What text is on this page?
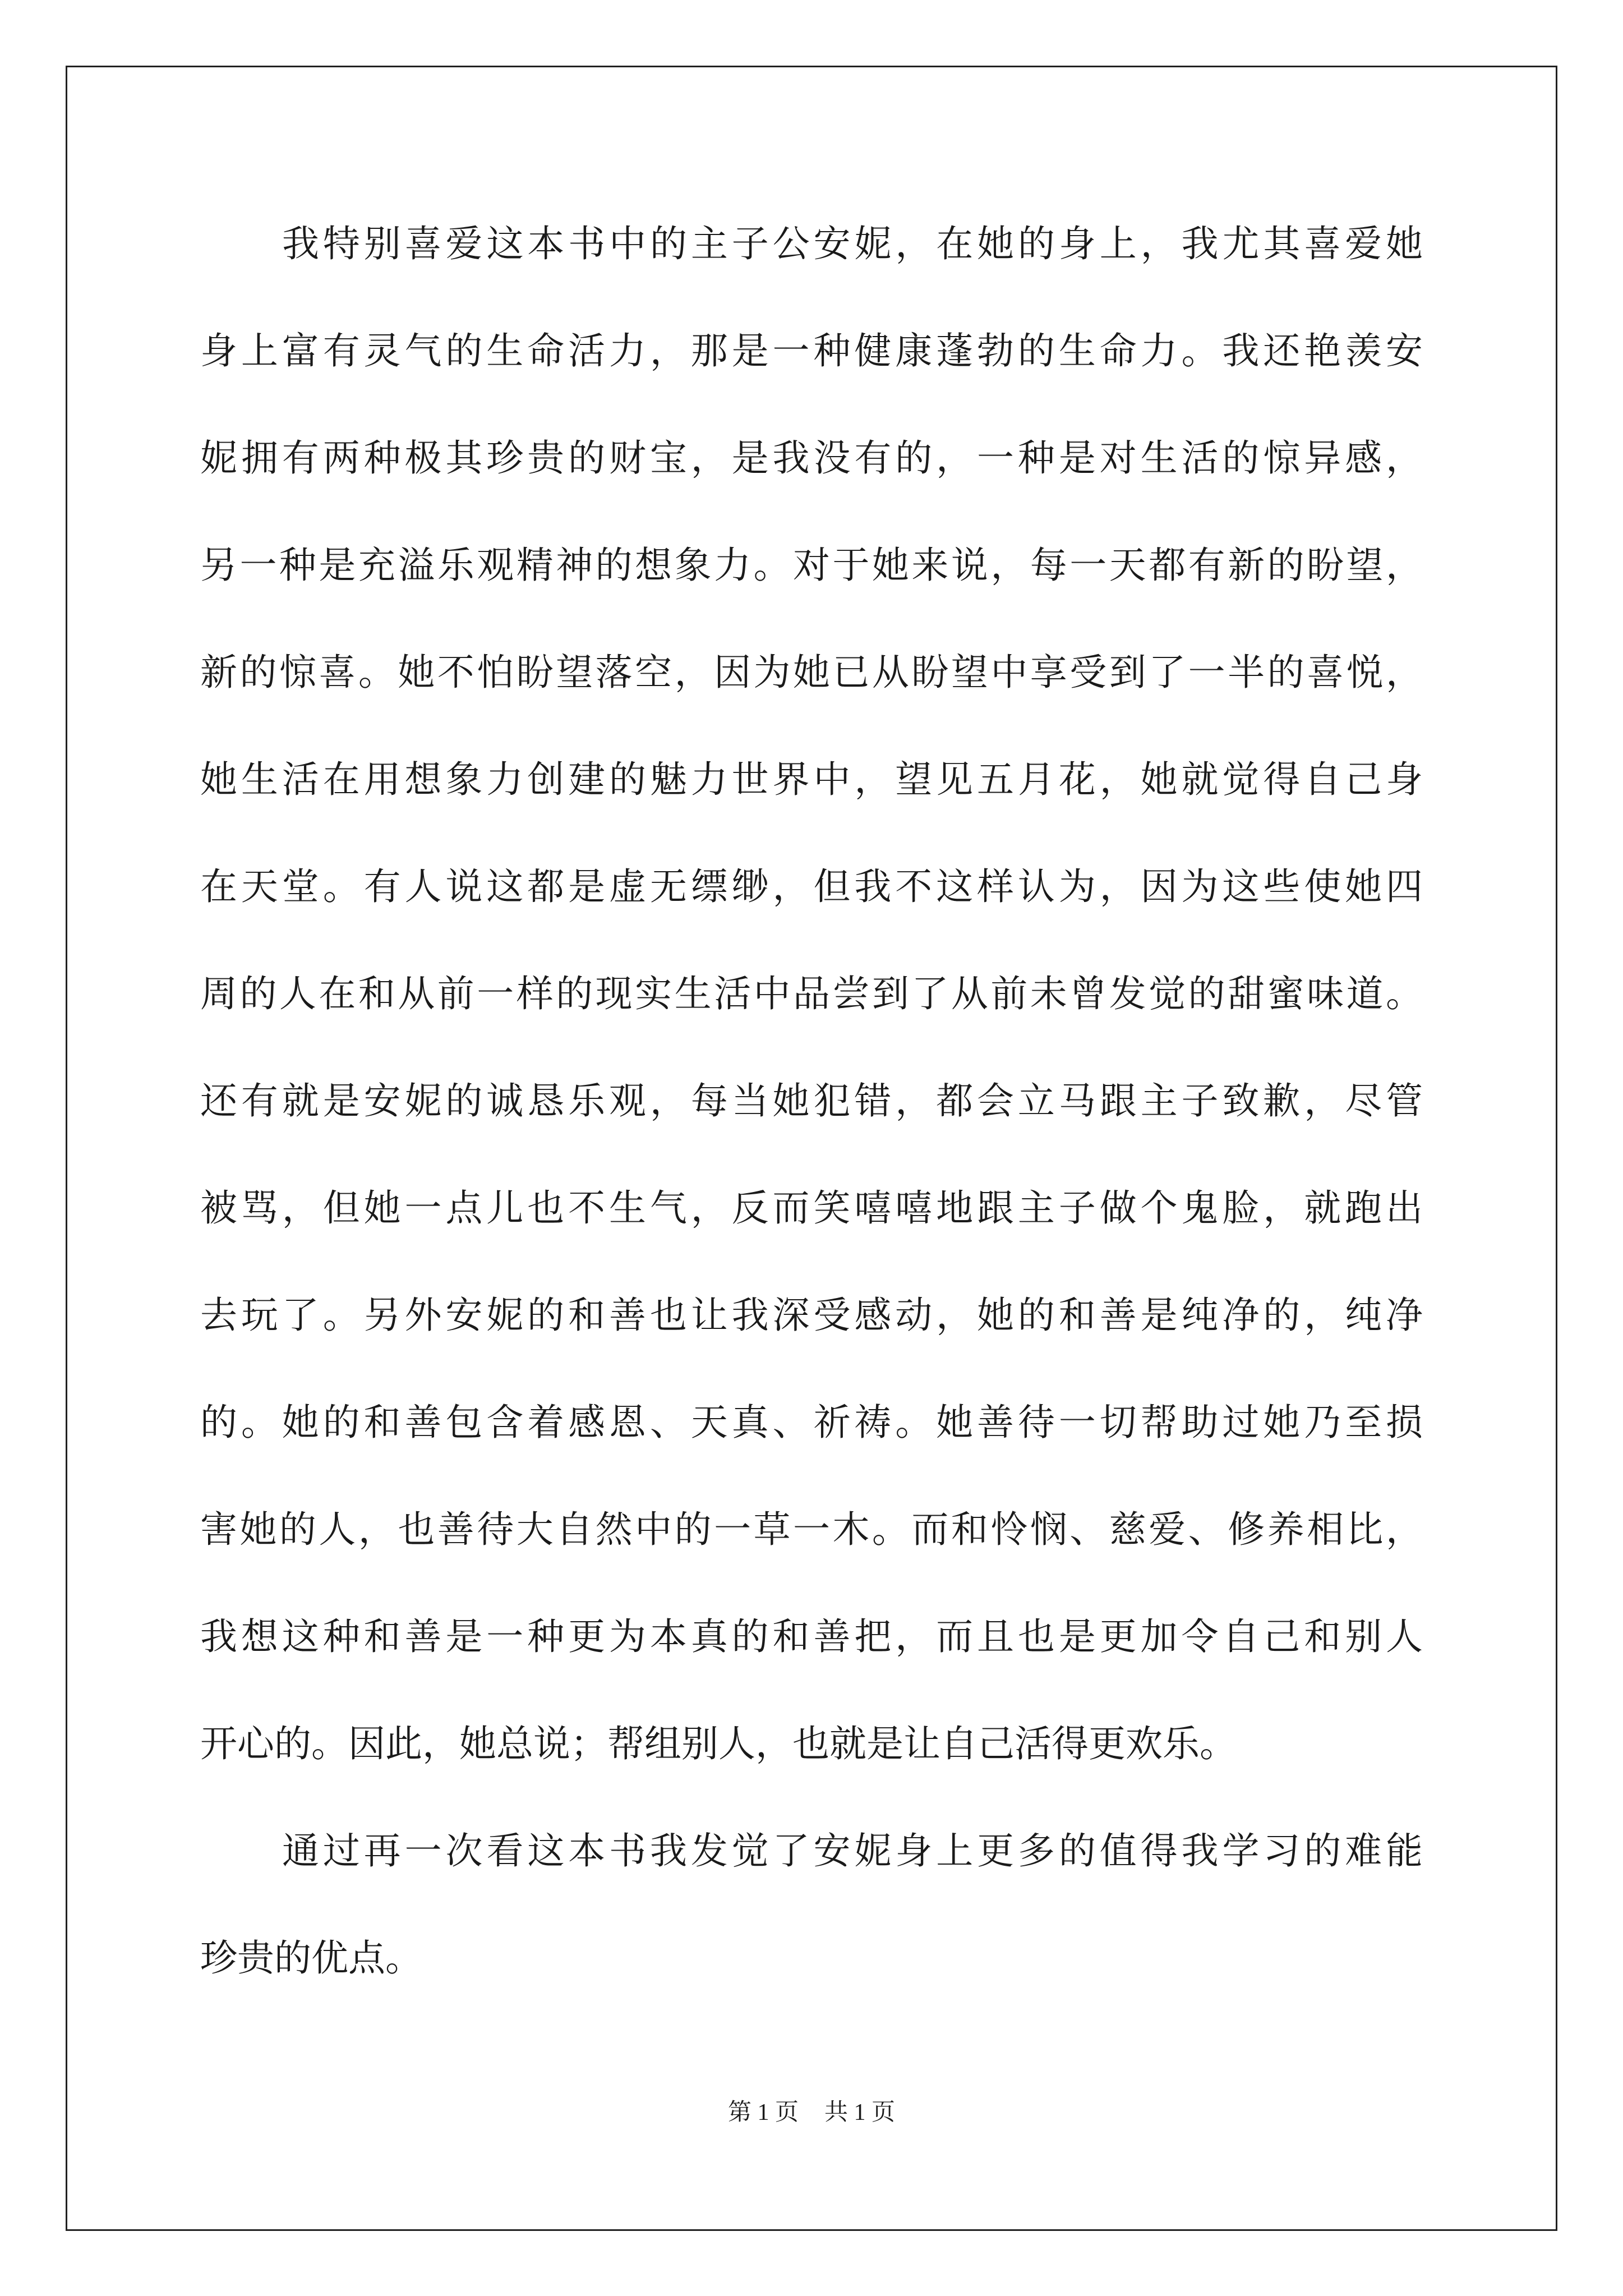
我特别喜爱这本书中的主子公安妮，在她的身上，我尤其喜爱她
身上富有灵气的生命活力，那是一种健康蓬勃的生命力。我还艳羡安
妮拥有两种极其珍贵的财宝，是我没有的，一种是对生活的惊异感，
另一种是充溢乐观精神的想象力。对于她来说，每一天都有新的盼望，
新的惊喜。她不怕盼望落空，因为她已从盼望中享受到了一半的喜悦，
她生活在用想象力创建的魅力世界中，望见五月花，她就觉得自己身
在天堂。有人说这都是虚无缥缈，但我不这样认为，因为这些使她四
周的人在和从前一样的现实生活中品尝到了从前未曾发觉的甜蜜味道。
还有就是安妮的诚恳乐观，每当她犯错，都会立马跟主子致歉，尽管
被骂，但她一点儿也不生气，反而笑嘻嘻地跟主子做个鬼脸，就跑出
去玩了。另外安妮的和善也让我深受感动，她的和善是纯净的，纯净
的。她的和善包含着感恩、天真、祈祷。她善待一切帮助过她乃至损
害她的人，也善待大自然中的一草一木。而和怜悯、慈爱、修养相比，
我想这种和善是一种更为本真的和善把，而且也是更加令自己和别人
开心的。因此，她总说；帮组别人，也就是让自己活得更欢乐。
通过再一次看这本书我发觉了安妮身上更多的值得我学习的难能
珍贵的优点。
第 1 页 共 1 页
